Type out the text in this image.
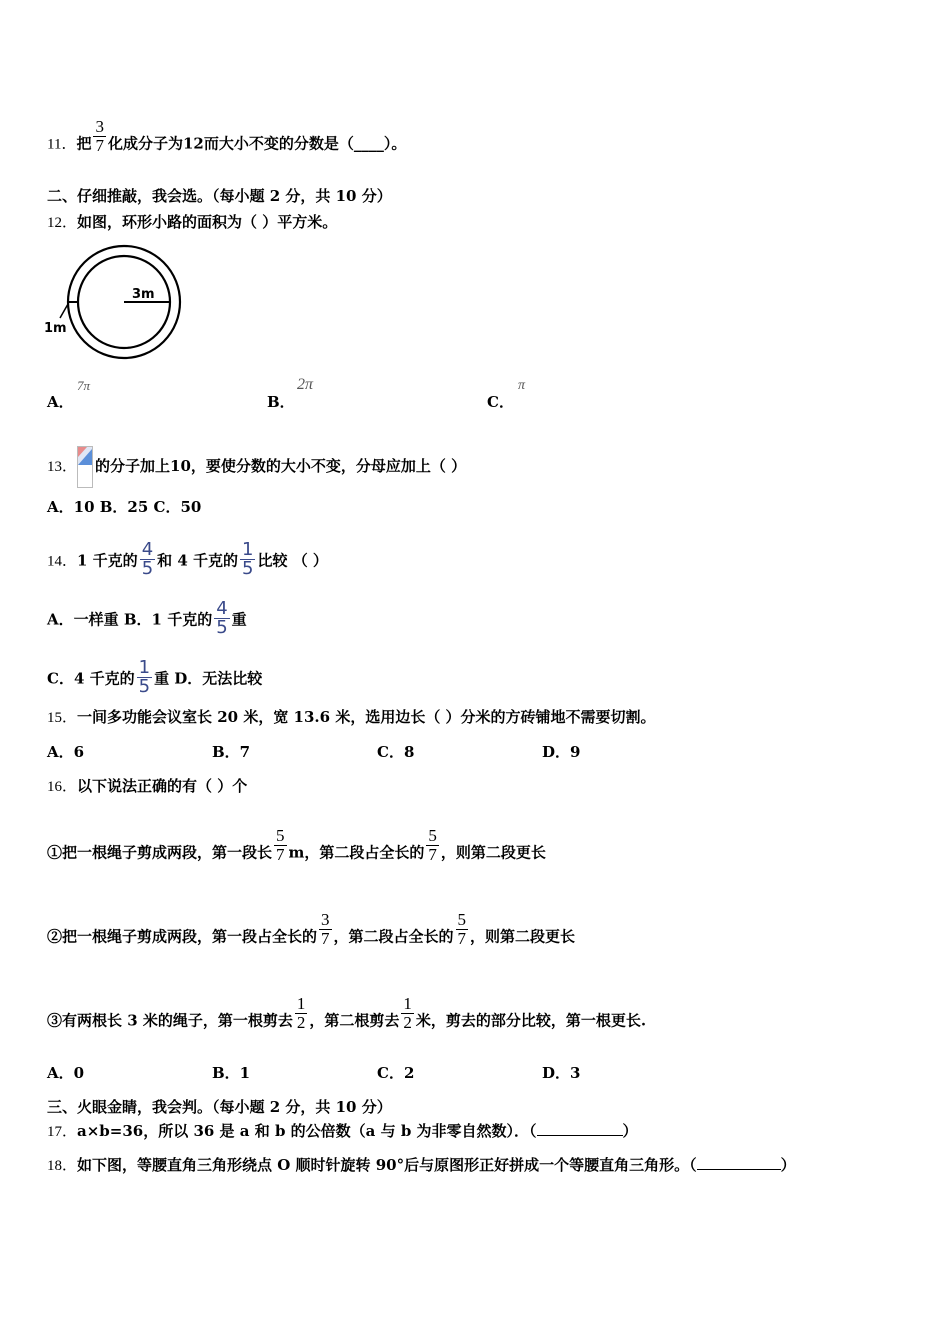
11．把 $\frac{3}{7}$ 化成分子为12而大小不变的分数是（____）。
二、仔细推敲，我会选。（每小题 2 分，共 10 分）
12．如图，环形小路的面积为（ ）平方米。
3m
1m
A．
7π
B．
2π
C．
π
13． 的分子加上10，要使分数的大小不变，分母应加上（ ）
A．10 B．25 C．50
14．1 千克的 $\frac{4}{5}$ 和 4 千克的 $\frac{1}{5}$ 比较 （ ）
A．一样重 B．1 千克的 $\frac{4}{5}$ 重
C．4 千克的 $\frac{1}{5}$ 重 D．无法比较
15．一间多功能会议室长 20 米，宽 13.6 米，选用边长（ ）分米的方砖铺地不需要切割。
A．6	B．7	C．8	D．9
16．以下说法正确的有（ ）个
①把一根绳子剪成两段，第一段长 $\frac{5}{7}$ m，第二段占全长的 $\frac{5}{7}$ ，则第二段更长
②把一根绳子剪成两段，第一段占全长的 $\frac{3}{7}$ ，第二段占全长的 $\frac{5}{7}$ ，则第二段更长
③有两根长 3 米的绳子，第一根剪去 $\frac{1}{2}$ ，第二根剪去 $\frac{1}{2}$ 米，剪去的部分比较，第一根更长.
A．0	B．1	C．2	D．3
三、火眼金睛，我会判。（每小题 2 分，共 10 分）
17．a×b=36，所以 36 是 a 和 b 的公倍数（a 与 b 为非零自然数）．（	）
18．如下图，等腰直角三角形绕点 O 顺时针旋转 90°后与原图形正好拼成一个等腰直角三角形。（	）
